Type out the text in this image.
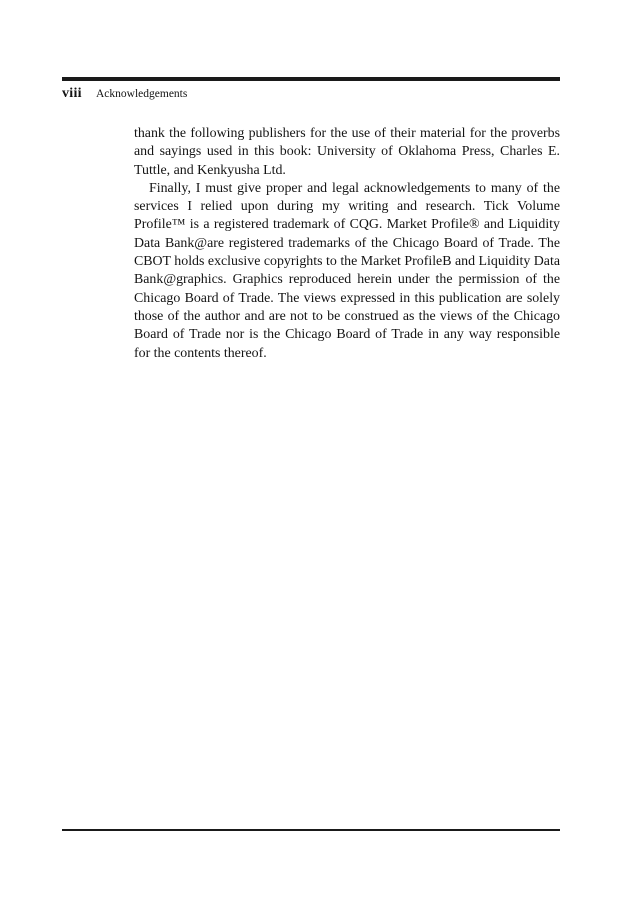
viii	Acknowledgements

thank the following publishers for the use of their material for the proverbs and sayings used in this book: University of Oklahoma Press, Charles E. Tuttle, and Kenkyusha Ltd.

Finally, I must give proper and legal acknowledgements to many of the services I relied upon during my writing and research. Tick Volume Profile™ is a registered trademark of CQG. Market Profile® and Liquidity Data Bank@are registered trademarks of the Chicago Board of Trade. The CBOT holds exclusive copyrights to the Market ProfileB and Liquidity Data Bank@graphics. Graphics reproduced herein under the permission of the Chicago Board of Trade. The views expressed in this publication are solely those of the author and are not to be construed as the views of the Chicago Board of Trade nor is the Chicago Board of Trade in any way responsible for the contents thereof.
